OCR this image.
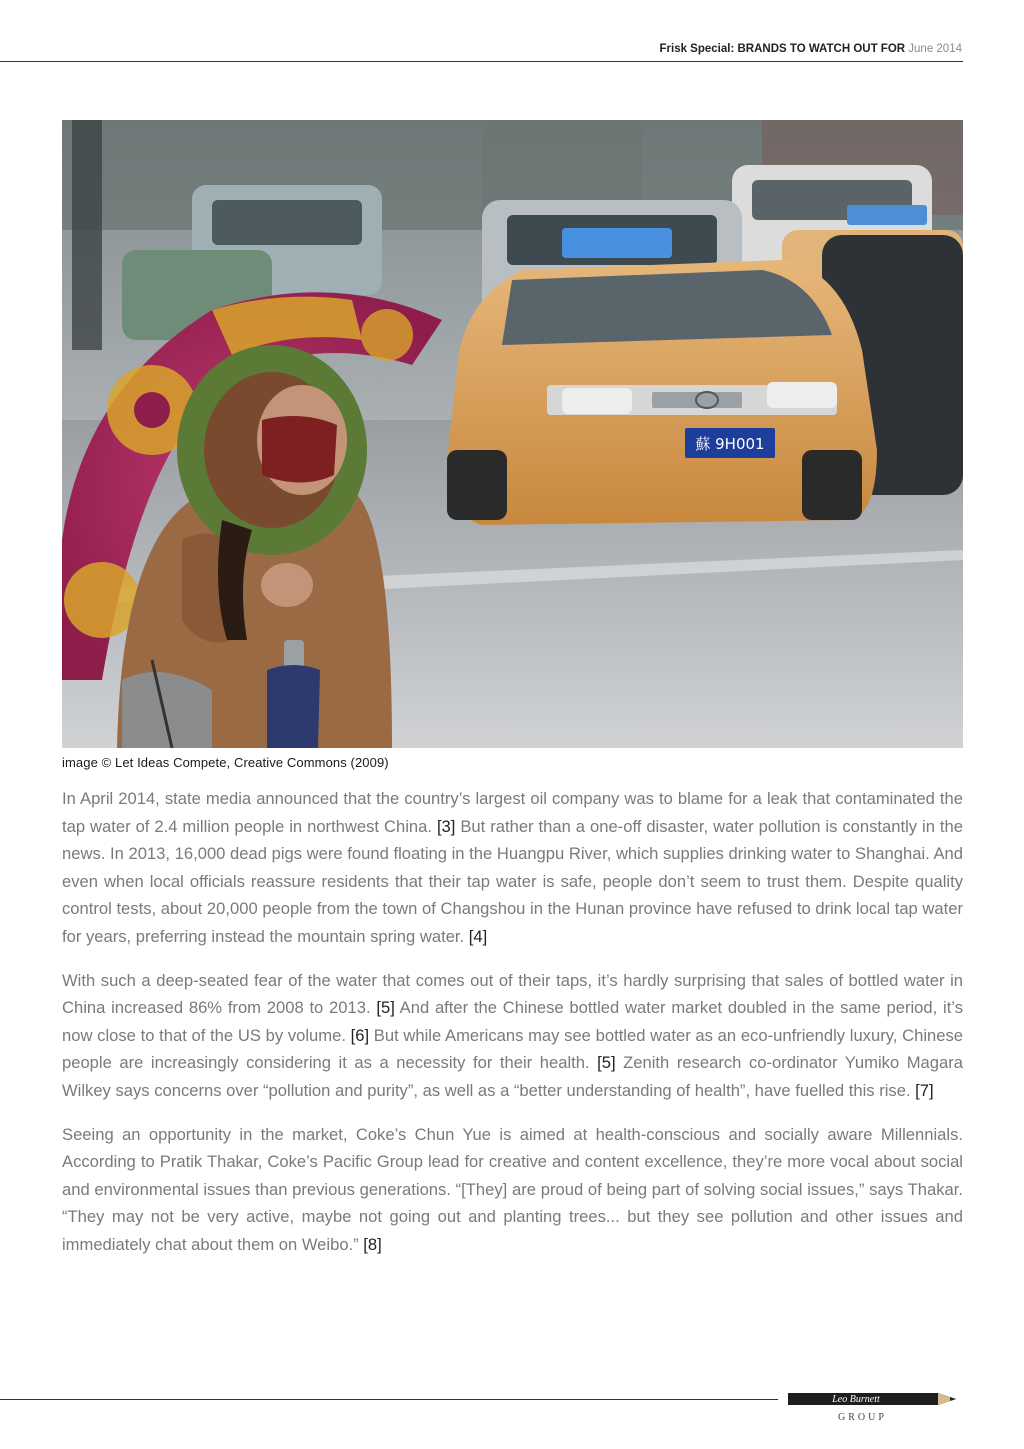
Frisk Special: BRANDS TO WATCH OUT FOR June 2014
蘇 9H001
image © Let Ideas Compete, Creative Commons (2009)

In April 2014, state media announced that the country’s largest oil company was to blame for a leak that contaminated the tap water of 2.4 million people in northwest China. [3] But rather than a one-off disaster, water pollution is constantly in the news. In 2013, 16,000 dead pigs were found floating in the Huangpu River, which supplies drinking water to Shanghai. And even when local officials reassure residents that their tap water is safe, people don’t seem to trust them. Despite quality control tests, about 20,000 people from the town of Changshou in the Hunan province have refused to drink local tap water for years, preferring instead the mountain spring water. [4]

With such a deep-seated fear of the water that comes out of their taps, it’s hardly surprising that sales of bottled water in China increased 86% from 2008 to 2013. [5] And after the Chinese bottled water market doubled in the same period, it’s now close to that of the US by volume. [6] But while Americans may see bottled water as an eco-unfriendly luxury, Chinese people are increasingly considering it as a necessity for their health. [5] Zenith research co-ordinator Yumiko Magara Wilkey says concerns over “pollution and purity”, as well as a “better understanding of health”, have fuelled this rise. [7]

Seeing an opportunity in the market, Coke’s Chun Yue is aimed at health-conscious and socially aware Millennials. According to Pratik Thakar, Coke’s Pacific Group lead for creative and content excellence, they’re more vocal about social and environmental issues than previous generations. “[They] are proud of being part of solving social issues,” says Thakar. “They may not be very active, maybe not going out and planting trees... but they see pollution and other issues and immediately chat about them on Weibo.” [8]

Leo Burnett
GROUP
